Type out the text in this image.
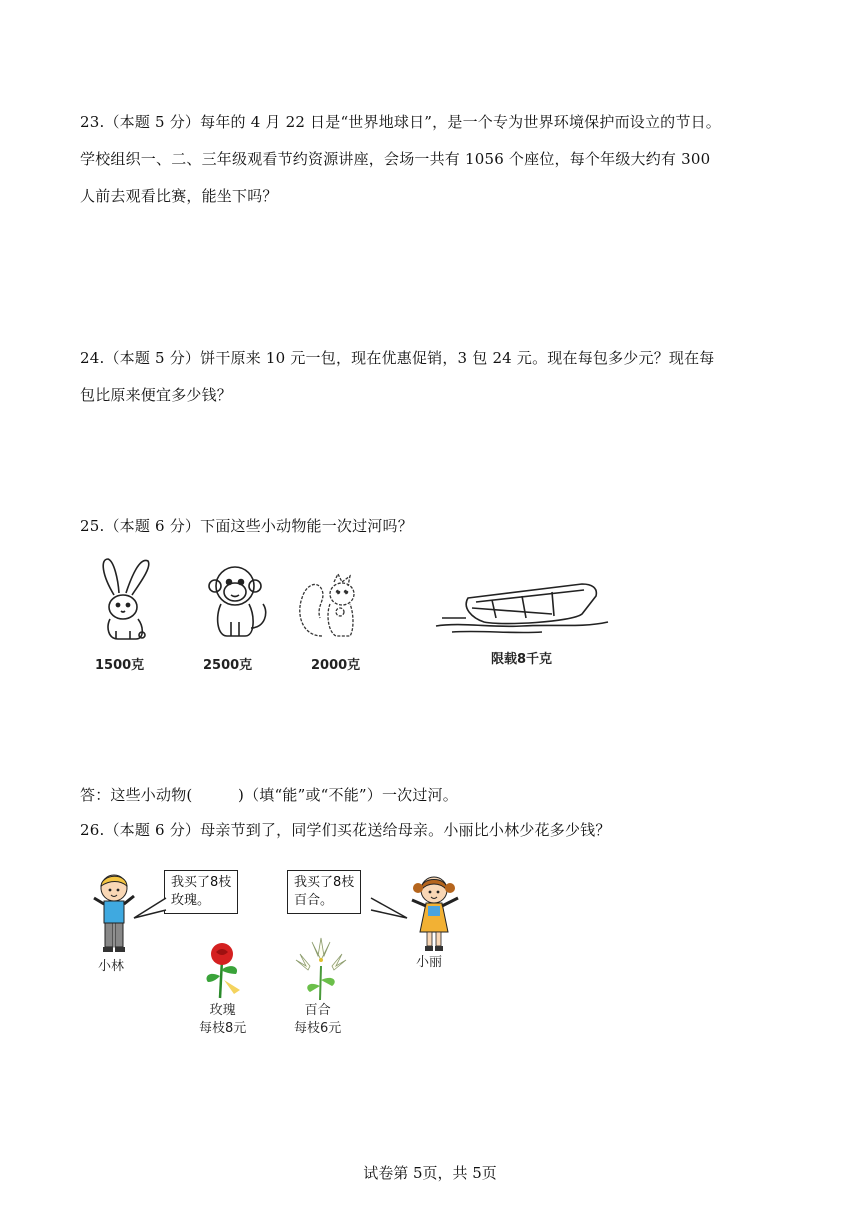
23.（本题 5 分）每年的 4 月 22 日是“世界地球日”，是一个专为世界环境保护而设立的节日。

学校组织一、二、三年级观看节约资源讲座，会场一共有 1056 个座位，每个年级大约有 300

人前去观看比赛，能坐下吗？

24.（本题 5 分）饼干原来 10 元一包，现在优惠促销，3 包 24 元。现在每包多少元？现在每

包比原来便宜多少钱？

25.（本题 6 分）下面这些小动物能一次过河吗？

1500克	2500克	2000克	限载8千克

答：这些小动物(　　　)（填“能”或“不能”）一次过河。

26.（本题 6 分）母亲节到了，同学们买花送给母亲。小丽比小林少花多少钱？

小林
我买了8枝
玫瑰。
我买了8枝
百合。
小丽
玫瑰
每枝8元
百合
每枝6元
试卷第 5页，共 5页
